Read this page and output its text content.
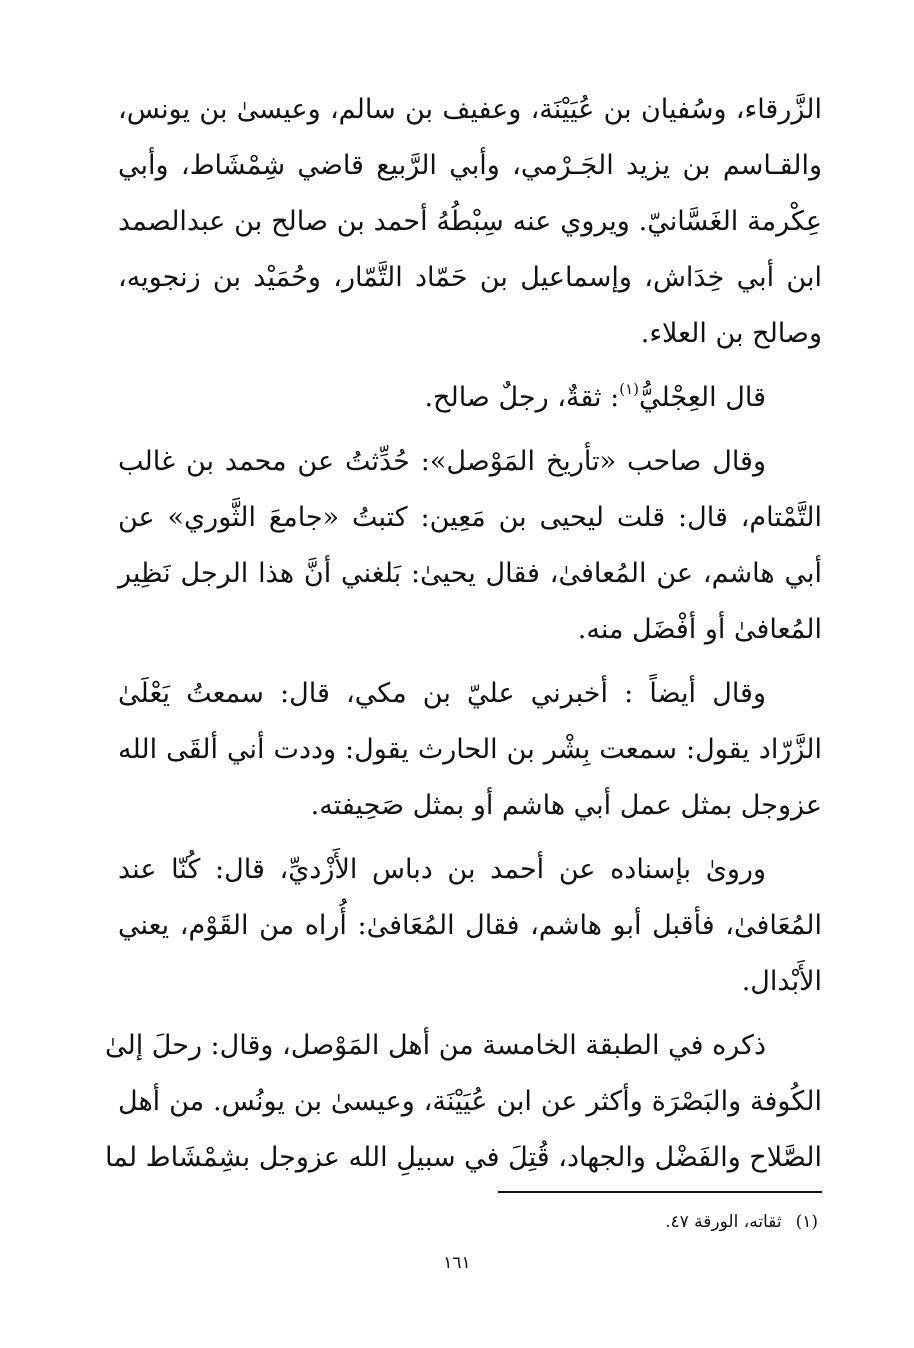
الزَّرقاء، وسُفيان بن عُيَيْنَة، وعفيف بن سالم، وعيسىٰ بن يونس،
والقـاسم بن يزيد الجَـرْمي، وأبي الرَّبيع قاضي شِمْشَاط، وأبي
عِكْرمة الغَسَّانيّ. ويروي عنه سِبْطُهُ أحمد بن صالح بن عبدالصمد
ابن أبي خِدَاش، وإسماعيل بن حَمّاد التَّمّار، وحُمَيْد بن زنجويه،
وصالح بن العلاء.
قال العِجْليُّ$^{(١)}$: ثقةٌ، رجلٌ صالح.
وقال صاحب «تأريخ المَوْصل»: حُدِّثتُ عن محمد بن غالب
التَّمْتام، قال: قلت ليحيى بن مَعِين: كتبتُ «جامعَ الثَّوري» عن
أبي هاشم، عن المُعافىٰ، فقال يحيىٰ: بَلغني أنَّ هذا الرجل نَظِير
المُعافىٰ أو أفْضَل منه.
وقال أيضاً : أخبرني عليّ بن مكي، قال: سمعتُ يَعْلَىٰ
الزَّرّاد يقول: سمعت بِشْر بن الحارث يقول: وددت أني ألقَى الله
عزوجل بمثل عمل أبي هاشم أو بمثل صَحِيفته.
ورویٰ بإسناده عن أحمد بن دباس الأَزْديِّ، قال: كُنّا عند
المُعَافىٰ، فأقبل أبو هاشم، فقال المُعَافىٰ: أُراه من القَوْم، يعني
الأَبْدال.
ذكره في الطبقة الخامسة من أهل المَوْصل، وقال: رحلَ إلىٰ
الكُوفة والبَصْرَة وأكثر عن ابن عُيَيْنَة، وعيسىٰ بن يونُس. من أهل
الصَّلاح والفَضْل والجهاد، قُتِلَ في سبيلِ الله عزوجل بشِمْشَاط لما
(١)ثقاته، الورقة ٤٧.
١٦١
